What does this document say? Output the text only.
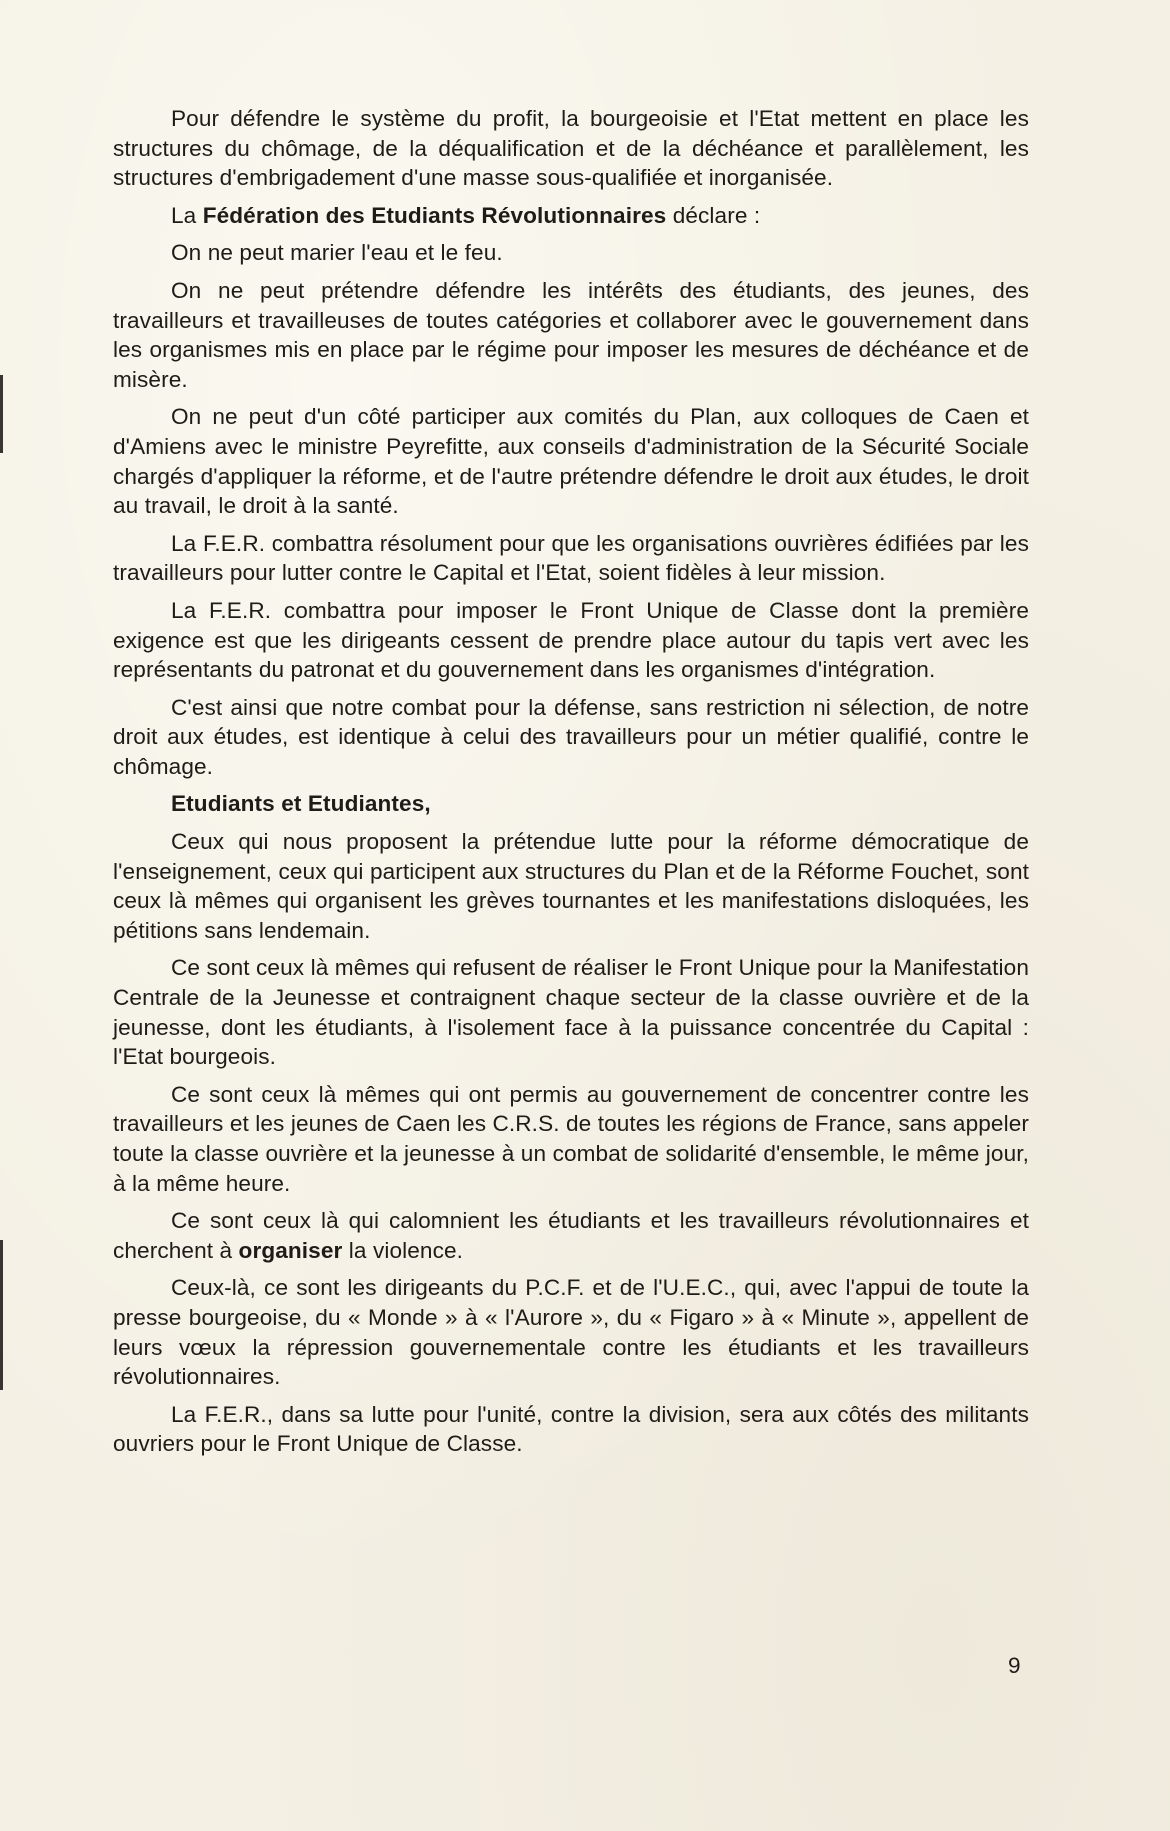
Pour défendre le système du profit, la bourgeoisie et l'Etat mettent en place les structures du chômage, de la déqualification et de la déchéance et parallèlement, les structures d'embrigadement d'une masse sous-qualifiée et inorganisée.

La Fédération des Etudiants Révolutionnaires déclare :

On ne peut marier l'eau et le feu.

On ne peut prétendre défendre les intérêts des étudiants, des jeunes, des travailleurs et travailleuses de toutes catégories et collaborer avec le gouvernement dans les organismes mis en place par le régime pour imposer les mesures de déchéance et de misère.

On ne peut d'un côté participer aux comités du Plan, aux colloques de Caen et d'Amiens avec le ministre Peyrefitte, aux conseils d'administration de la Sécurité Sociale chargés d'appliquer la réforme, et de l'autre prétendre défendre le droit aux études, le droit au travail, le droit à la santé.

La F.E.R. combattra résolument pour que les organisations ouvrières édifiées par les travailleurs pour lutter contre le Capital et l'Etat, soient fidèles à leur mission.

La F.E.R. combattra pour imposer le Front Unique de Classe dont la première exigence est que les dirigeants cessent de prendre place autour du tapis vert avec les représentants du patronat et du gouvernement dans les organismes d'intégration.

C'est ainsi que notre combat pour la défense, sans restriction ni sélection, de notre droit aux études, est identique à celui des travailleurs pour un métier qualifié, contre le chômage.

Etudiants et Etudiantes,

Ceux qui nous proposent la prétendue lutte pour la réforme démocratique de l'enseignement, ceux qui participent aux structures du Plan et de la Réforme Fouchet, sont ceux là mêmes qui organisent les grèves tournantes et les manifestations disloquées, les pétitions sans lendemain.

Ce sont ceux là mêmes qui refusent de réaliser le Front Unique pour la Manifestation Centrale de la Jeunesse et contraignent chaque secteur de la classe ouvrière et de la jeunesse, dont les étudiants, à l'isolement face à la puissance concentrée du Capital : l'Etat bourgeois.

Ce sont ceux là mêmes qui ont permis au gouvernement de concentrer contre les travailleurs et les jeunes de Caen les C.R.S. de toutes les régions de France, sans appeler toute la classe ouvrière et la jeunesse à un combat de solidarité d'ensemble, le même jour, à la même heure.

Ce sont ceux là qui calomnient les étudiants et les travailleurs révolutionnaires et cherchent à organiser la violence.

Ceux-là, ce sont les dirigeants du P.C.F. et de l'U.E.C., qui, avec l'appui de toute la presse bourgeoise, du « Monde » à « l'Aurore », du « Figaro » à « Minute », appellent de leurs vœux la répression gouvernementale contre les étudiants et les travailleurs révolutionnaires.

La F.E.R., dans sa lutte pour l'unité, contre la division, sera aux côtés des militants ouvriers pour le Front Unique de Classe.

9
